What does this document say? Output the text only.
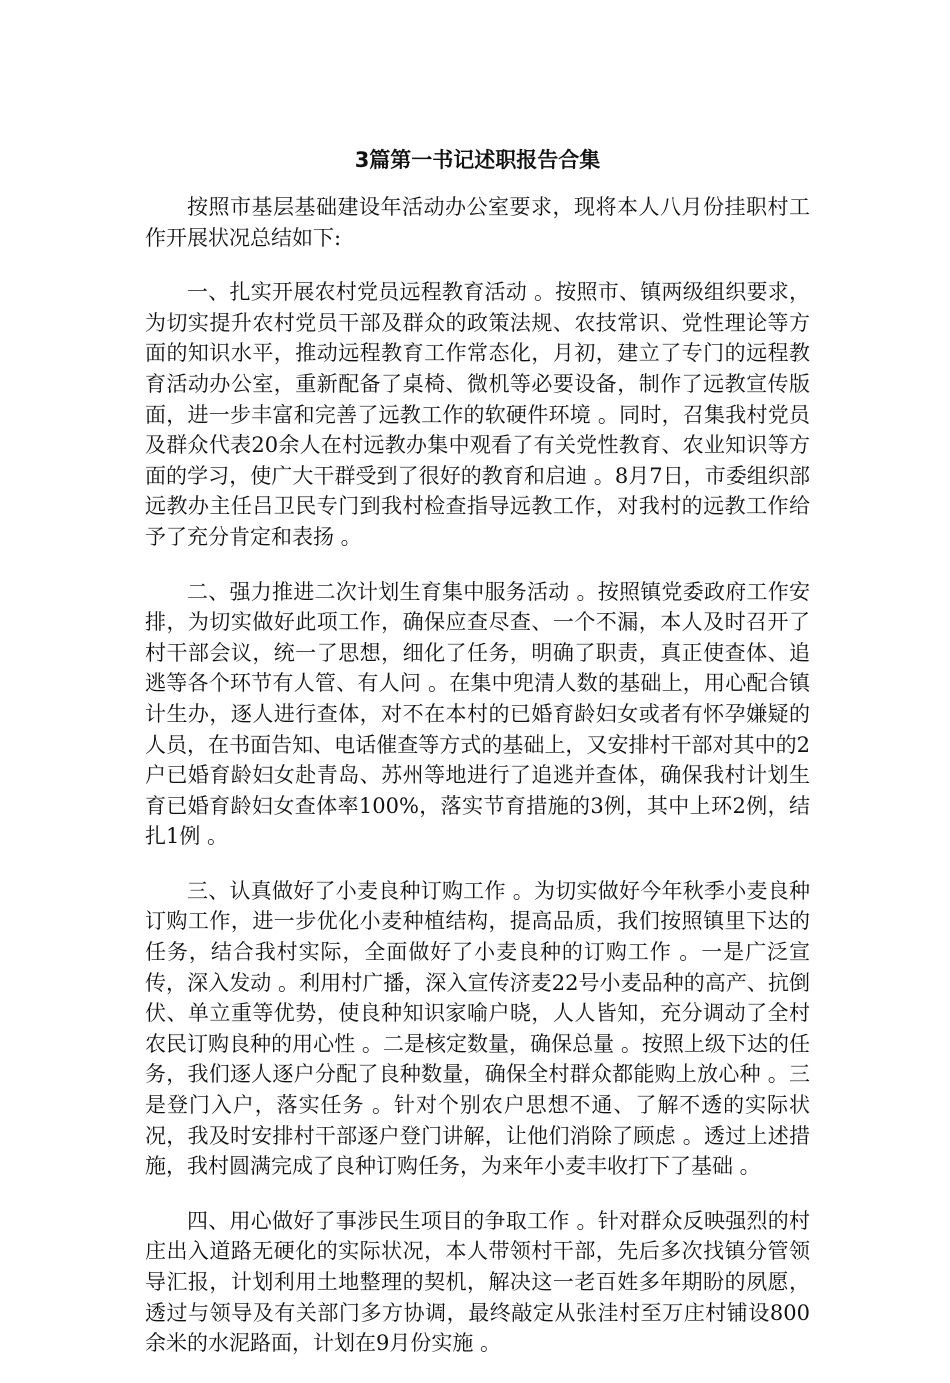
3篇第一书记述职报告合集

按照市基层基础建设年活动办公室要求，现将本人八月份挂职村工作开展状况总结如下:

一、扎实开展农村党员远程教育活动 。按照市、镇两级组织要求，为切实提升农村党员干部及群众的政策法规、农技常识、党性理论等方面的知识水平，推动远程教育工作常态化，月初，建立了专门的远程教育活动办公室，重新配备了桌椅、微机等必要设备，制作了远教宣传版面，进一步丰富和完善了远教工作的软硬件环境 。同时，召集我村党员及群众代表20余人在村远教办集中观看了有关党性教育、农业知识等方面的学习，使广大干群受到了很好的教育和启迪 。8月7日，市委组织部远教办主任吕卫民专门到我村检查指导远教工作，对我村的远教工作给予了充分肯定和表扬 。

二、强力推进二次计划生育集中服务活动 。按照镇党委政府工作安排，为切实做好此项工作，确保应查尽查、一个不漏，本人及时召开了村干部会议，统一了思想，细化了任务，明确了职责，真正使查体、追逃等各个环节有人管、有人问 。在集中兜清人数的基础上，用心配合镇计生办，逐人进行查体，对不在本村的已婚育龄妇女或者有怀孕嫌疑的人员，在书面告知、电话催查等方式的基础上，又安排村干部对其中的2户已婚育龄妇女赴青岛、苏州等地进行了追逃并查体，确保我村计划生育已婚育龄妇女查体率100%，落实节育措施的3例，其中上环2例，结扎1例 。

三、认真做好了小麦良种订购工作 。为切实做好今年秋季小麦良种订购工作，进一步优化小麦种植结构，提高品质，我们按照镇里下达的任务，结合我村实际，全面做好了小麦良种的订购工作 。一是广泛宣传，深入发动 。利用村广播，深入宣传济麦22号小麦品种的高产、抗倒伏、单立重等优势，使良种知识家喻户晓，人人皆知，充分调动了全村农民订购良种的用心性 。二是核定数量，确保总量 。按照上级下达的任务，我们逐人逐户分配了良种数量，确保全村群众都能购上放心种 。三是登门入户，落实任务 。针对个别农户思想不通、了解不透的实际状况，我及时安排村干部逐户登门讲解，让他们消除了顾虑 。透过上述措施，我村圆满完成了良种订购任务，为来年小麦丰收打下了基础 。

四、用心做好了事涉民生项目的争取工作 。针对群众反映强烈的村庄出入道路无硬化的实际状况，本人带领村干部，先后多次找镇分管领导汇报，计划利用土地整理的契机，解决这一老百姓多年期盼的夙愿，透过与领导及有关部门多方协调，最终敲定从张洼村至万庄村铺设800余米的水泥路面，计划在9月份实施 。
